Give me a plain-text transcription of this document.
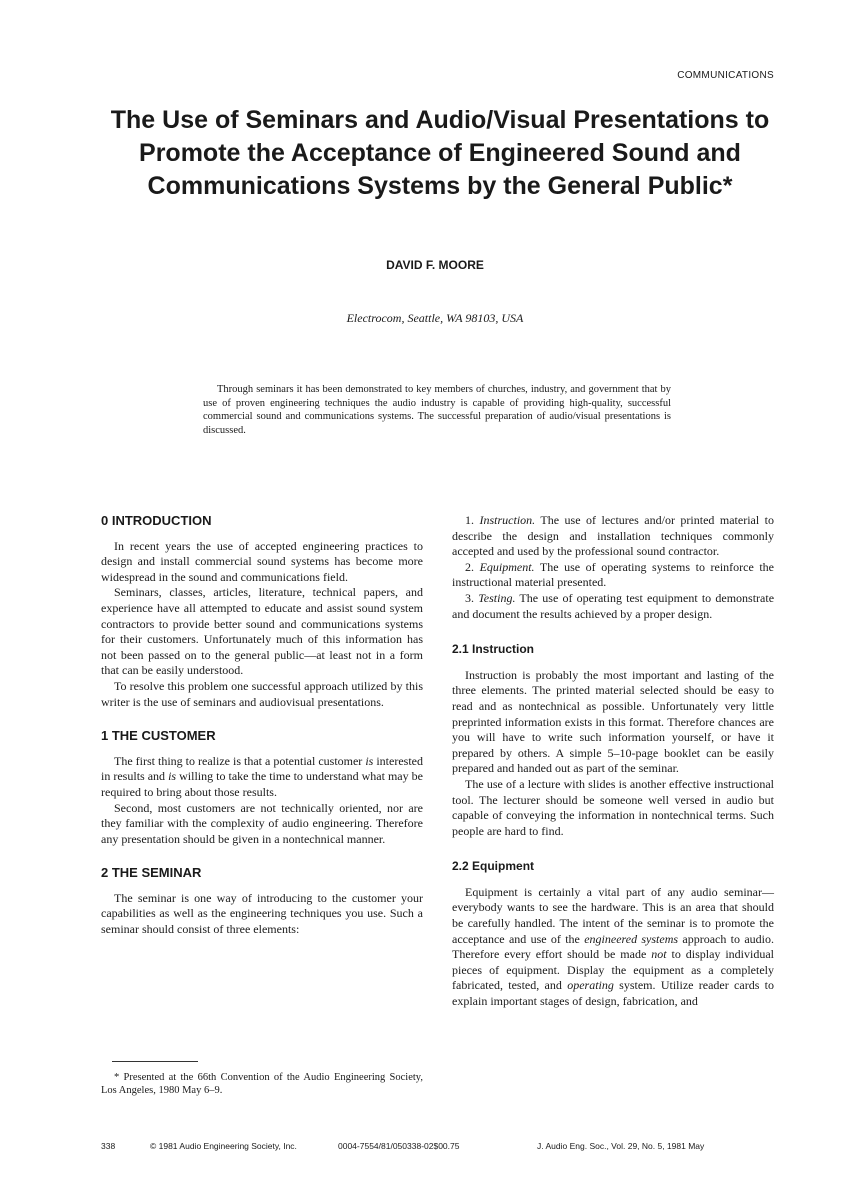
COMMUNICATIONS
The Use of Seminars and Audio/Visual Presentations to
Promote the Acceptance of Engineered Sound and
Communications Systems by the General Public*
DAVID F. MOORE
Electrocom, Seattle, WA 98103, USA
Through seminars it has been demonstrated to key members of churches, industry, and government that by use of proven engineering techniques the audio industry is capable of providing high-quality, successful commercial sound and communications systems. The successful preparation of audio/visual presentations is discussed.
0 INTRODUCTION

In recent years the use of accepted engineering practices to design and install commercial sound systems has become more widespread in the sound and communications field.

Seminars, classes, articles, literature, technical papers, and experience have all attempted to educate and assist sound system contractors to provide better sound and communications systems for their customers. Unfortunately much of this information has not been passed on to the general public—at least not in a form that can be easily understood.

To resolve this problem one successful approach utilized by this writer is the use of seminars and audiovisual presentations.

1 THE CUSTOMER

The first thing to realize is that a potential customer is interested in results and is willing to take the time to understand what may be required to bring about those results.

Second, most customers are not technically oriented, nor are they familiar with the complexity of audio engineering. Therefore any presentation should be given in a nontechnical manner.

2 THE SEMINAR

The seminar is one way of introducing to the customer your capabilities as well as the engineering techniques you use. Such a seminar should consist of three elements:

1. Instruction. The use of lectures and/or printed material to describe the design and installation techniques commonly accepted and used by the professional sound contractor.

2. Equipment. The use of operating systems to reinforce the instructional material presented.

3. Testing. The use of operating test equipment to demonstrate and document the results achieved by a proper design.

2.1 Instruction

Instruction is probably the most important and lasting of the three elements. The printed material selected should be easy to read and as nontechnical as possible. Unfortunately very little preprinted information exists in this format. Therefore chances are you will have to write such information yourself, or have it prepared by others. A simple 5–10-page booklet can be easily prepared and handed out as part of the seminar.

The use of a lecture with slides is another effective instructional tool. The lecturer should be someone well versed in audio but capable of conveying the information in nontechnical terms. Such people are hard to find.

2.2 Equipment

Equipment is certainly a vital part of any audio seminar—everybody wants to see the hardware. This is an area that should be carefully handled. The intent of the seminar is to promote the acceptance and use of the engineered systems approach to audio. Therefore every effort should be made not to display individual pieces of equipment. Display the equipment as a completely fabricated, tested, and operating system. Utilize reader cards to explain important stages of design, fabrication, and

* Presented at the 66th Convention of the Audio Engineering Society, Los Angeles, 1980 May 6–9.
338	© 1981 Audio Engineering Society, Inc.	0004-7554/81/050338-02$00.75	J. Audio Eng. Soc., Vol. 29, No. 5, 1981 May
